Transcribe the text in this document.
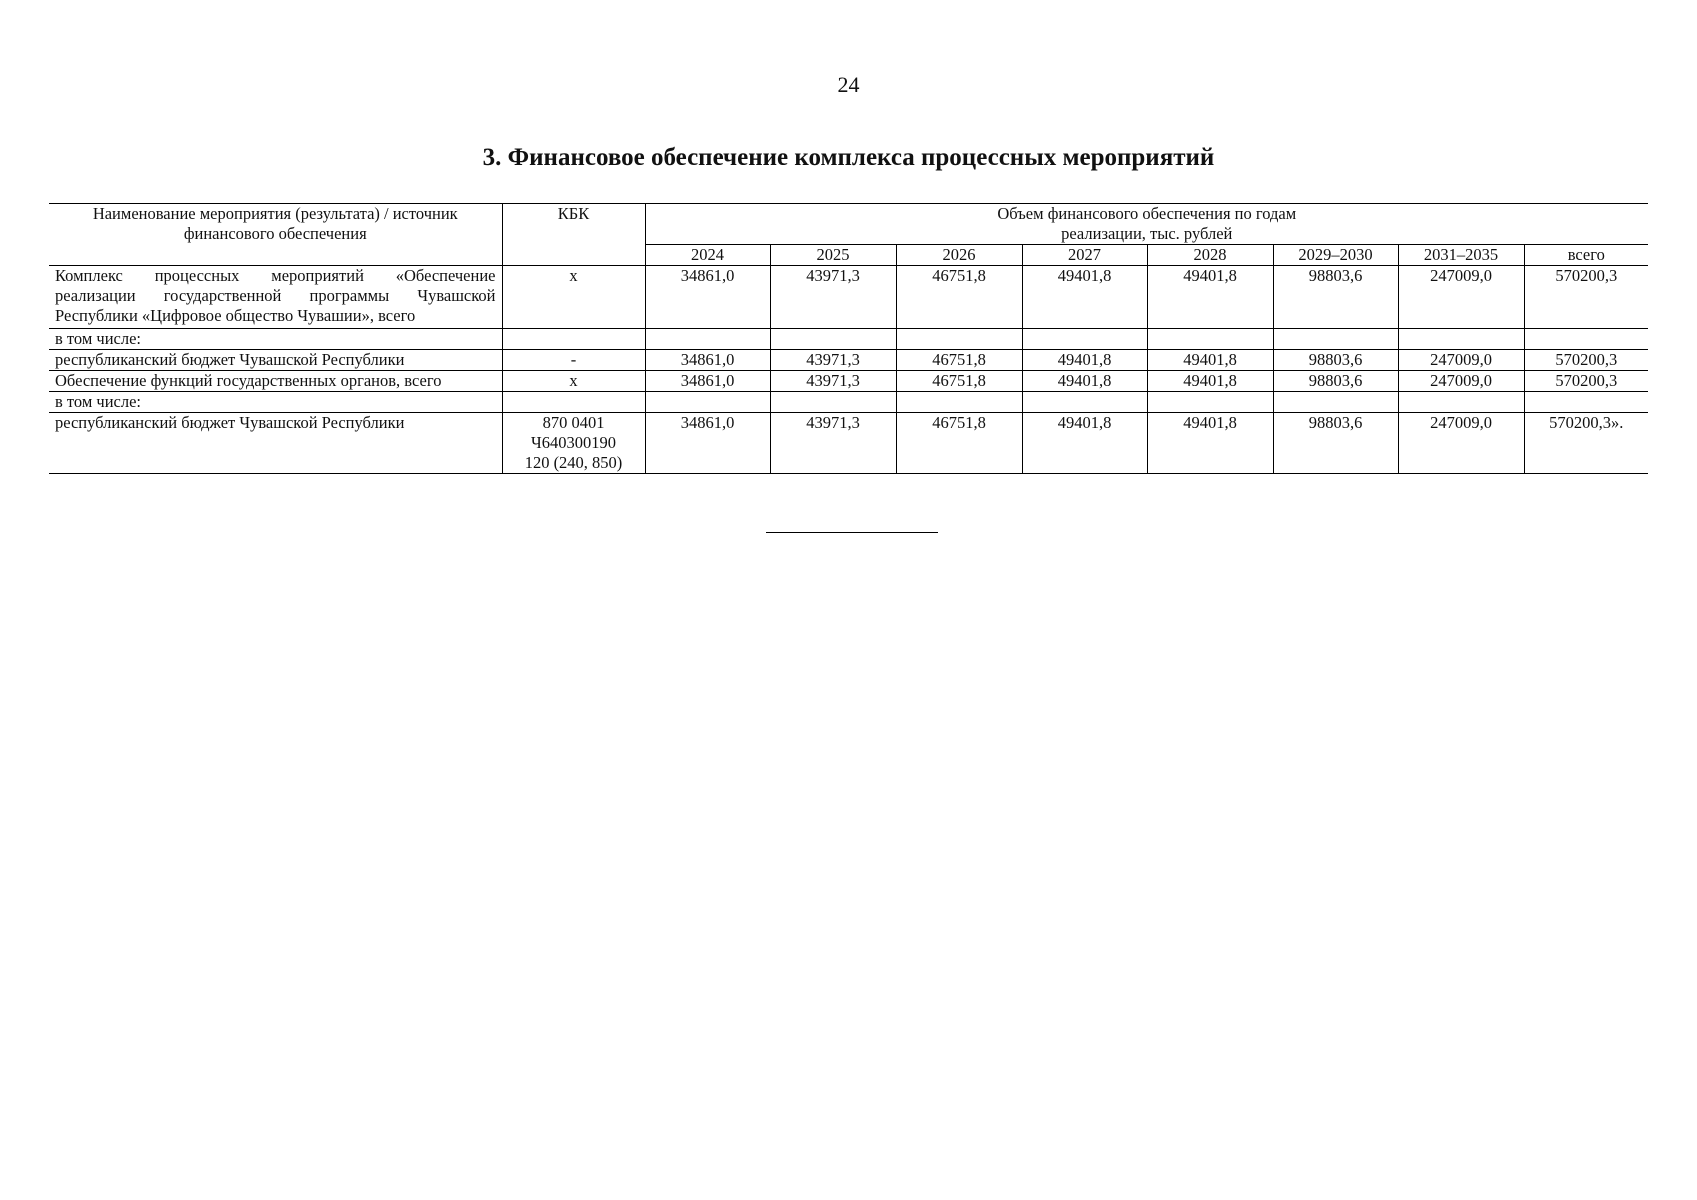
24
3. Финансовое обеспечение комплекса процессных мероприятий
Наименование мероприятия (результата) / источник финансового обеспечения	КБК	Объем финансового обеспечения по годам
реализации, тыс. рублей							

		2024	2025	2026	2027	2028	2029–2030	2031–2035	всего
Комплекс процессных мероприятий «Обеспечение реализации государственной программы Чувашской Республики «Цифровое общество Чувашии», всего	x	34861,0	43971,3	46751,8	49401,8	49401,8	98803,6	247009,0	570200,3
в том числе:									
республиканский бюджет Чувашской Республики	-	34861,0	43971,3	46751,8	49401,8	49401,8	98803,6	247009,0	570200,3
Обеспечение функций государственных органов, всего	x	34861,0	43971,3	46751,8	49401,8	49401,8	98803,6	247009,0	570200,3
в том числе:									
республиканский бюджет Чувашской Республики	870 0401
Ч640300190
120 (240, 850)	34861,0	43971,3	46751,8	49401,8	49401,8	98803,6	247009,0	570200,3».
